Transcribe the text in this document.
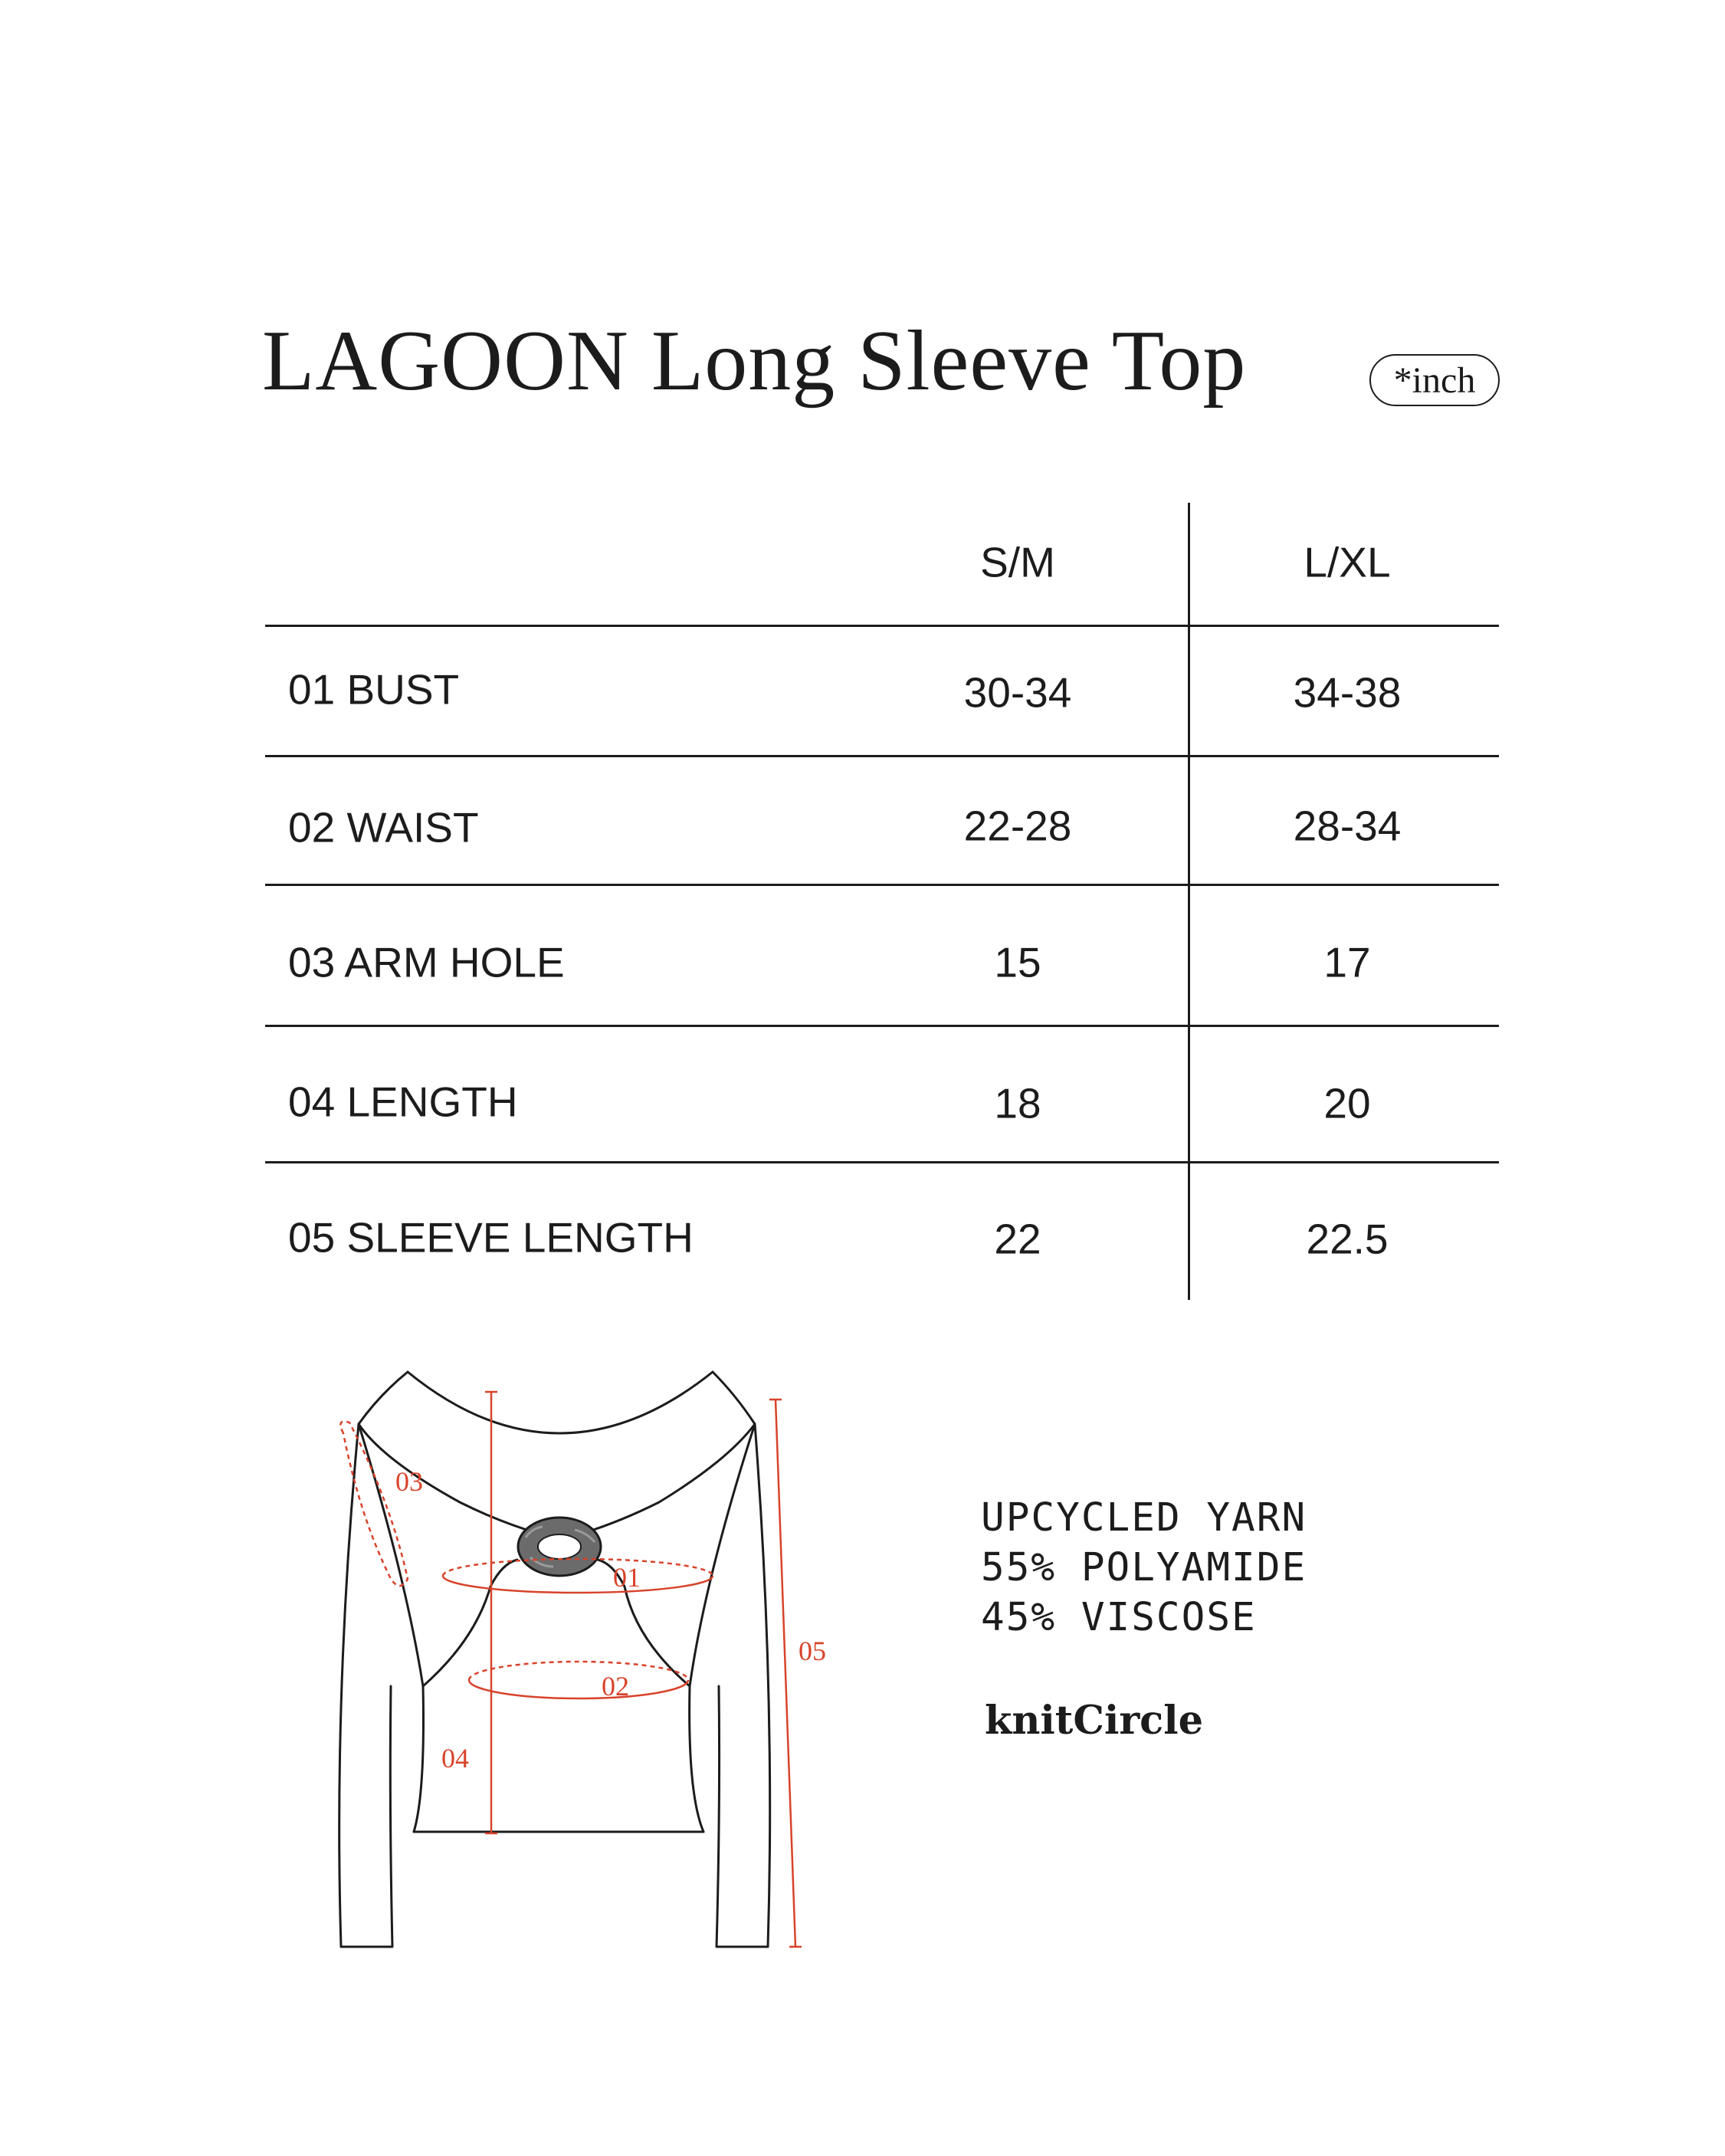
LAGOON Long Sleeve Top	*inch
S/M	L/XL
01 BUST	30-34	34-38
02 WAIST	22-28	28-34
03 ARM HOLE	15	17
04 LENGTH	18	20
05 SLEEVE LENGTH	22	22.5
01
02
03
04
05
UPCYCLED YARN
55% POLYAMIDE
45% VISCOSE
knitCircle
